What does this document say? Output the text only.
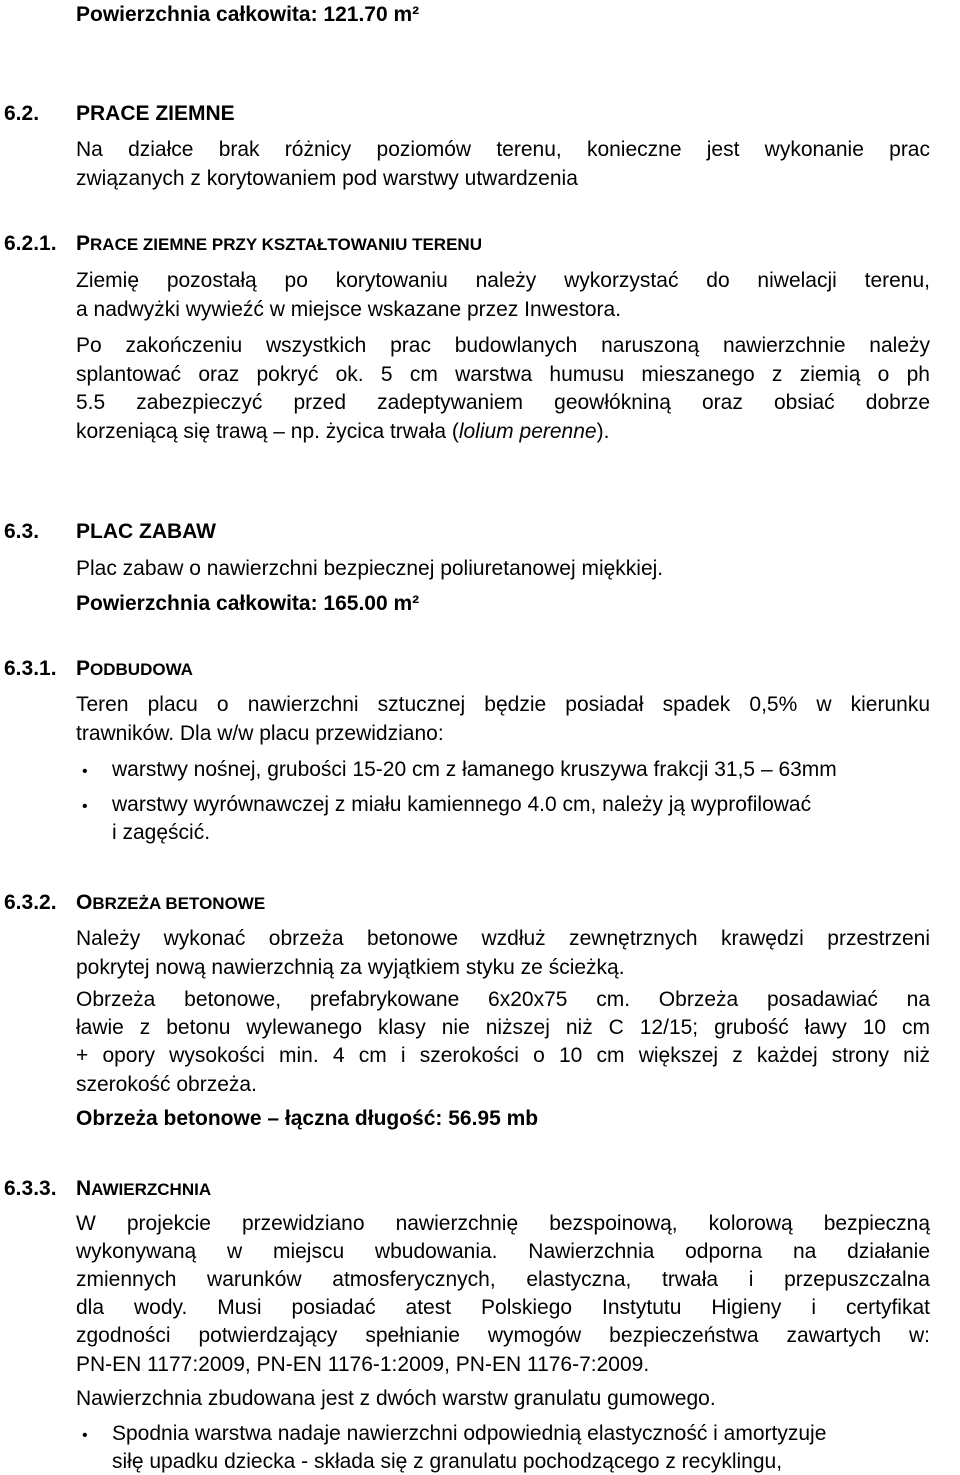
Powierzchnia całkowita: 121.70 m²
6.2. PRACE ZIEMNE
Na działce brak różnicy poziomów terenu, konieczne jest wykonanie prac
związanych z korytowaniem pod warstwy utwardzenia
6.2.1. PRACE ZIEMNE PRZY KSZTAŁTOWANIU TERENU
Ziemię pozostałą po korytowaniu należy wykorzystać do niwelacji terenu,
a nadwyżki wywieźć w miejsce wskazane przez Inwestora.
Po zakończeniu wszystkich prac budowlanych naruszoną nawierzchnie należy
splantować oraz pokryć ok. 5 cm warstwa humusu mieszanego z ziemią o ph
5.5 zabezpieczyć przed zadeptywaniem geowłókniną oraz obsiać dobrze
korzeniącą się trawą – np. życica trwała (lolium perenne).
6.3. PLAC ZABAW
Plac zabaw o nawierzchni bezpiecznej poliuretanowej miękkiej.
Powierzchnia całkowita: 165.00 m²
6.3.1. PODBUDOWA
Teren placu o nawierzchni sztucznej będzie posiadał spadek 0,5% w kierunku
trawników. Dla w/w placu przewidziano:
• warstwy nośnej, grubości 15-20 cm z łamanego kruszywa frakcji 31,5 – 63mm
• warstwy wyrównawczej z miału kamiennego 4.0 cm, należy ją wyprofilować
i zagęścić.
6.3.2. OBRZEŻA BETONOWE
Należy wykonać obrzeża betonowe wzdłuż zewnętrznych krawędzi przestrzeni
pokrytej nową nawierzchnią za wyjątkiem styku ze ścieżką.
Obrzeża betonowe, prefabrykowane 6x20x75 cm. Obrzeża posadawiać na
ławie z betonu wylewanego klasy nie niższej niż C 12/15; grubość ławy 10 cm
+ opory wysokości min. 4 cm i szerokości o 10 cm większej z każdej strony niż
szerokość obrzeża.
Obrzeża betonowe – łączna długość: 56.95 mb
6.3.3. NAWIERZCHNIA
W projekcie przewidziano nawierzchnię bezspoinową, kolorową bezpieczną
wykonywaną w miejscu wbudowania. Nawierzchnia odporna na działanie
zmiennych warunków atmosferycznych, elastyczna, trwała i przepuszczalna
dla wody. Musi posiadać atest Polskiego Instytutu Higieny i certyfikat
zgodności potwierdzający spełnianie wymogów bezpieczeństwa zawartych w:
PN-EN 1177:2009, PN-EN 1176-1:2009, PN-EN 1176-7:2009.
Nawierzchnia zbudowana jest z dwóch warstw granulatu gumowego.
• Spodnia warstwa nadaje nawierzchni odpowiednią elastyczność i amortyzuje
siłę upadku dziecka - składa się z granulatu pochodzącego z recyklingu,
